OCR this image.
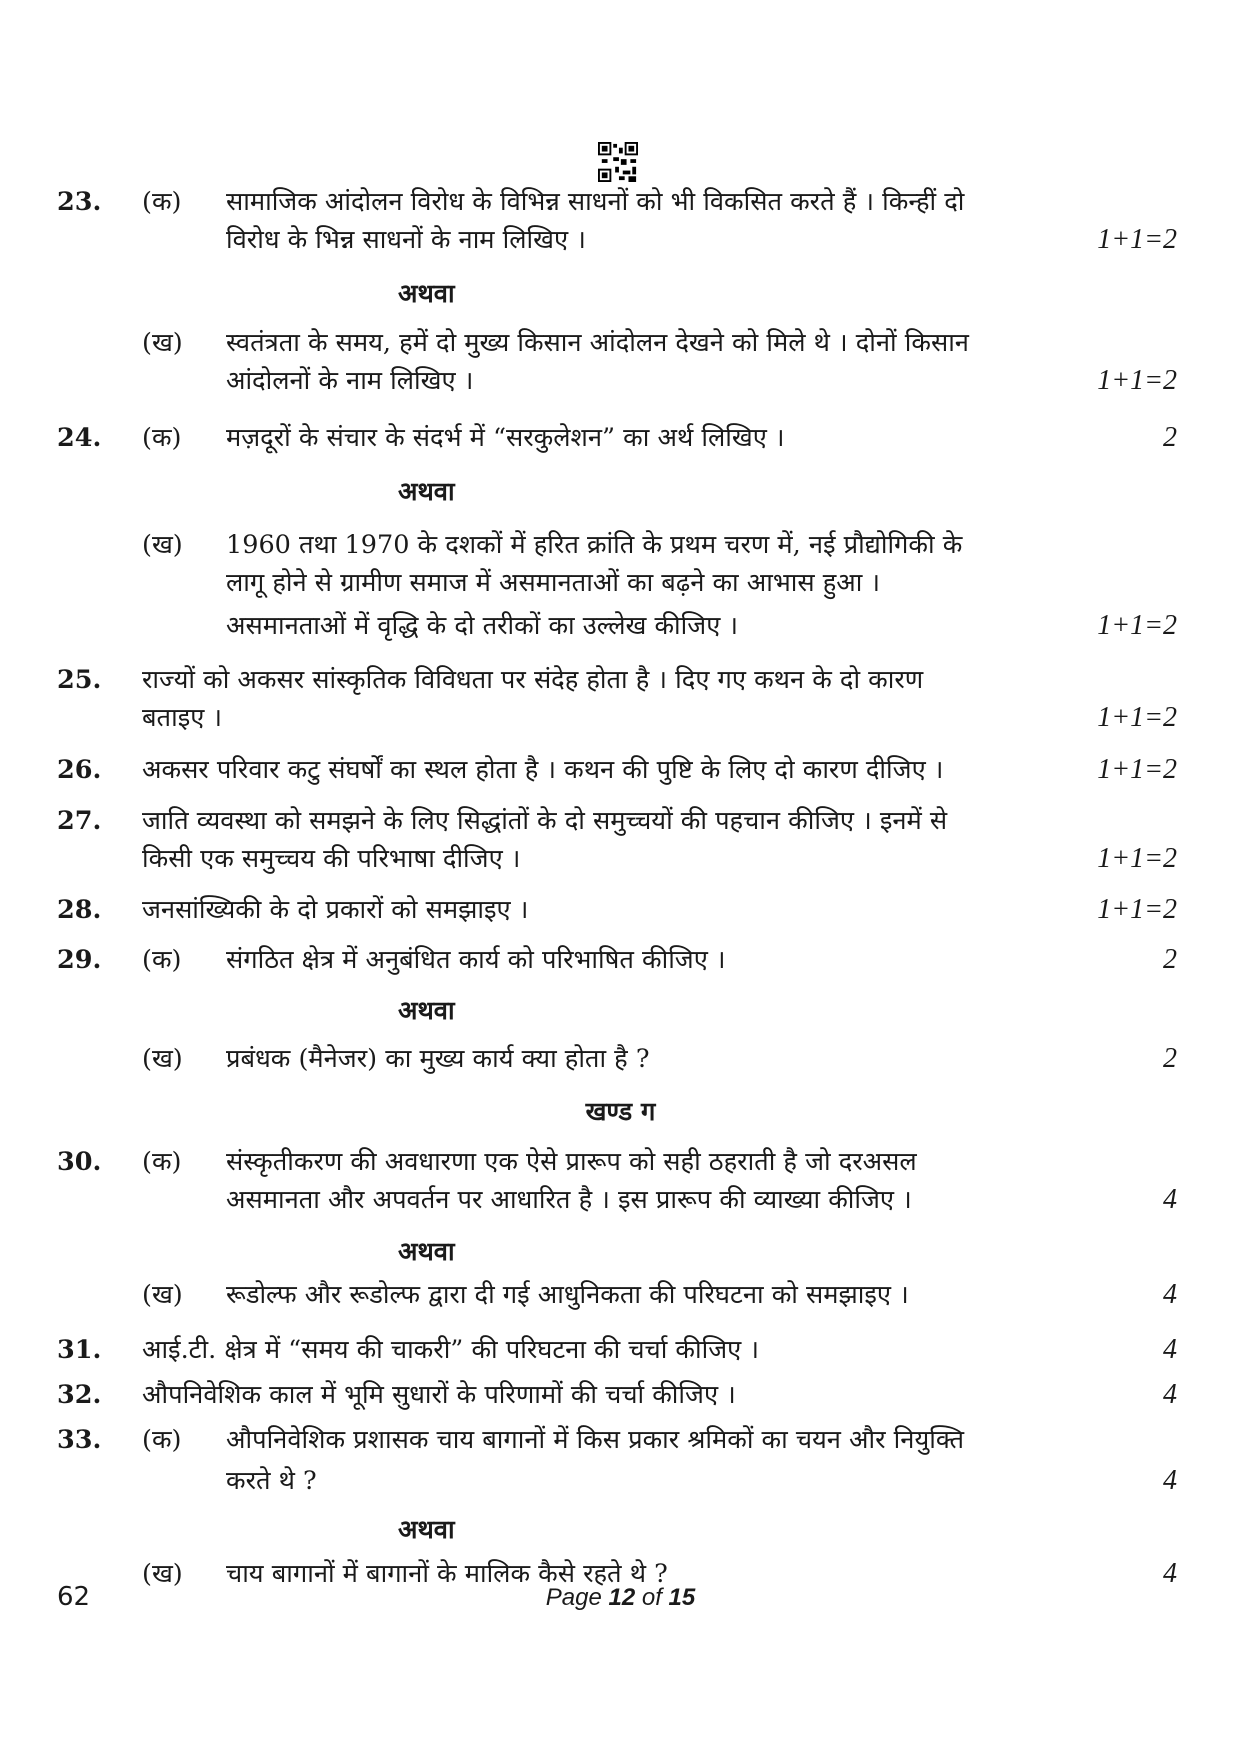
23. (क) सामाजिक आंदोलन विरोध के विभिन्न साधनों को भी विकसित करते हैं । किन्हीं दो
विरोध के भिन्न साधनों के नाम लिखिए ।	1+1=2
अथवा
(ख) स्वतंत्रता के समय, हमें दो मुख्य किसान आंदोलन देखने को मिले थे । दोनों किसान
आंदोलनों के नाम लिखिए ।	1+1=2
24. (क) मज़दूरों के संचार के संदर्भ में “सरकुलेशन” का अर्थ लिखिए ।	2
अथवा
(ख) 1960 तथा 1970 के दशकों में हरित क्रांति के प्रथम चरण में, नई प्रौद्योगिकी के
लागू होने से ग्रामीण समाज में असमानताओं का बढ़ने का आभास हुआ ।
असमानताओं में वृद्धि के दो तरीकों का उल्लेख कीजिए ।	1+1=2
25. राज्यों को अकसर सांस्कृतिक विविधता पर संदेह होता है । दिए गए कथन के दो कारण
बताइए ।	1+1=2
26. अकसर परिवार कटु संघर्षों का स्थल होता है । कथन की पुष्टि के लिए दो कारण दीजिए ।	1+1=2
27. जाति व्यवस्था को समझने के लिए सिद्धांतों के दो समुच्चयों की पहचान कीजिए । इनमें से
किसी एक समुच्चय की परिभाषा दीजिए ।	1+1=2
28. जनसांख्यिकी के दो प्रकारों को समझाइए ।	1+1=2
29. (क) संगठित क्षेत्र में अनुबंधित कार्य को परिभाषित कीजिए ।	2
अथवा
(ख) प्रबंधक (मैनेजर) का मुख्य कार्य क्या होता है ?	2
खण्ड ग
30. (क) संस्कृतीकरण की अवधारणा एक ऐसे प्रारूप को सही ठहराती है जो दरअसल
असमानता और अपवर्तन पर आधारित है । इस प्रारूप की व्याख्या कीजिए ।	4
अथवा
(ख) रूडोल्फ और रूडोल्फ द्वारा दी गई आधुनिकता की परिघटना को समझाइए ।	4
31. आई.टी. क्षेत्र में “समय की चाकरी” की परिघटना की चर्चा कीजिए ।	4
32. औपनिवेशिक काल में भूमि सुधारों के परिणामों की चर्चा कीजिए ।	4
33. (क) औपनिवेशिक प्रशासक चाय बागानों में किस प्रकार श्रमिकों का चयन और नियुक्ति
करते थे ?	4
अथवा
(ख) चाय बागानों में बागानों के मालिक कैसे रहते थे ?	4
62	Page 12 of 15
